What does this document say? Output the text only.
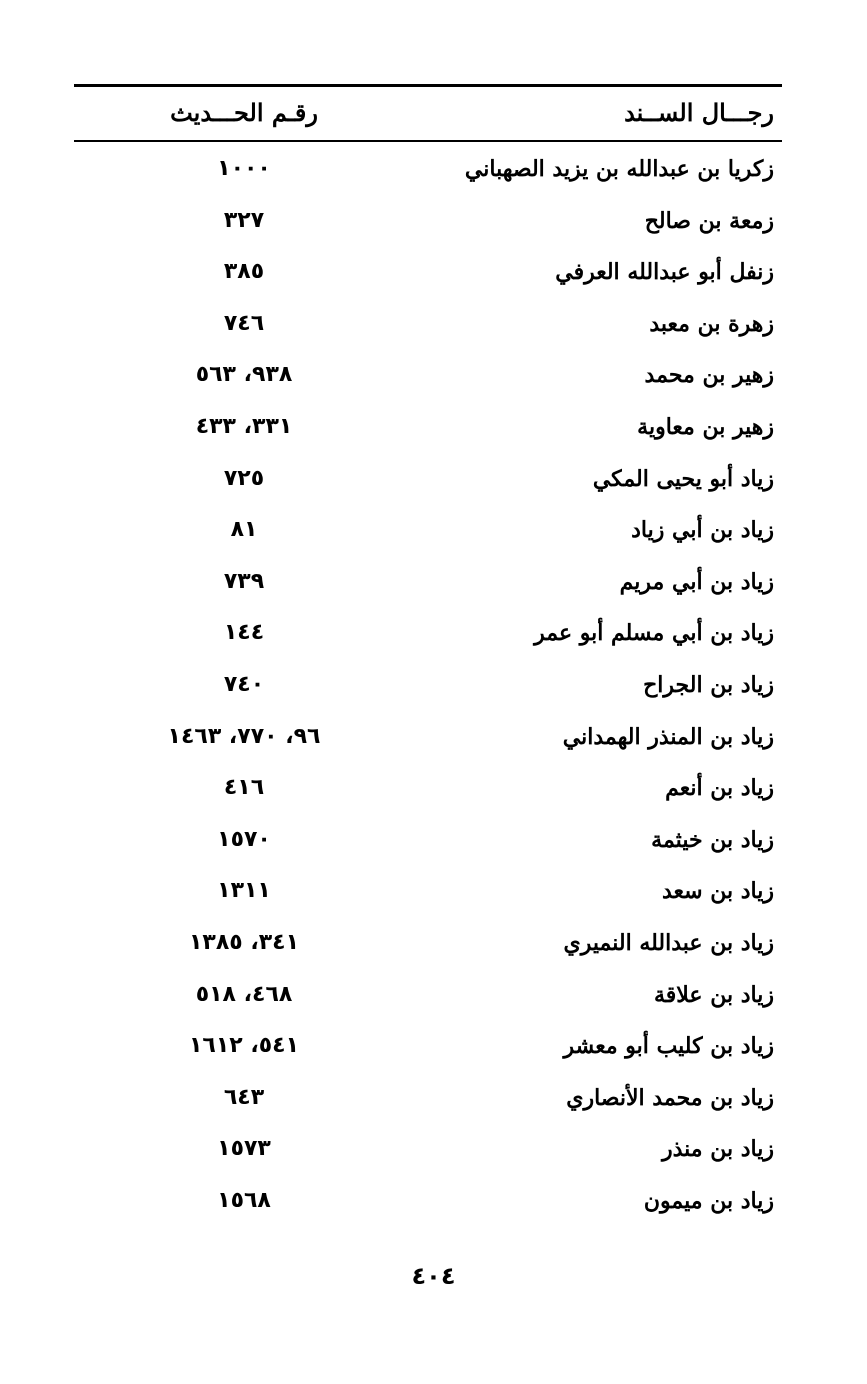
رجـــال الســند
رقـم الحـــديث
زكريا بن عبدالله بن يزيد الصهباني
١٠٠٠
زمعة بن صالح
٣٢٧
زنفل أبو عبدالله العرفي
٣٨٥
زهرة بن معبد
٧٤٦
زهير بن محمد
٩٣٨، ٥٦٣
زهير بن معاوية
٣٣١، ٤٣٣
زياد أبو يحيى المكي
٧٢٥
زياد بن أبي زياد
٨١
زياد بن أبي مريم
٧٣٩
زياد بن أبي مسلم أبو عمر
١٤٤
زياد بن الجراح
٧٤٠
زياد بن المنذر الهمداني
٩٦، ٧٧٠، ١٤٦٣
زياد بن أنعم
٤١٦
زياد بن خيثمة
١٥٧٠
زياد بن سعد
١٣١١
زياد بن عبدالله النميري
٣٤١، ١٣٨٥
زياد بن علاقة
٤٦٨، ٥١٨
زياد بن كليب أبو معشر
٥٤١، ١٦١٢
زياد بن محمد الأنصاري
٦٤٣
زياد بن منذر
١٥٧٣
زياد بن ميمون
١٥٦٨
٤٠٤
